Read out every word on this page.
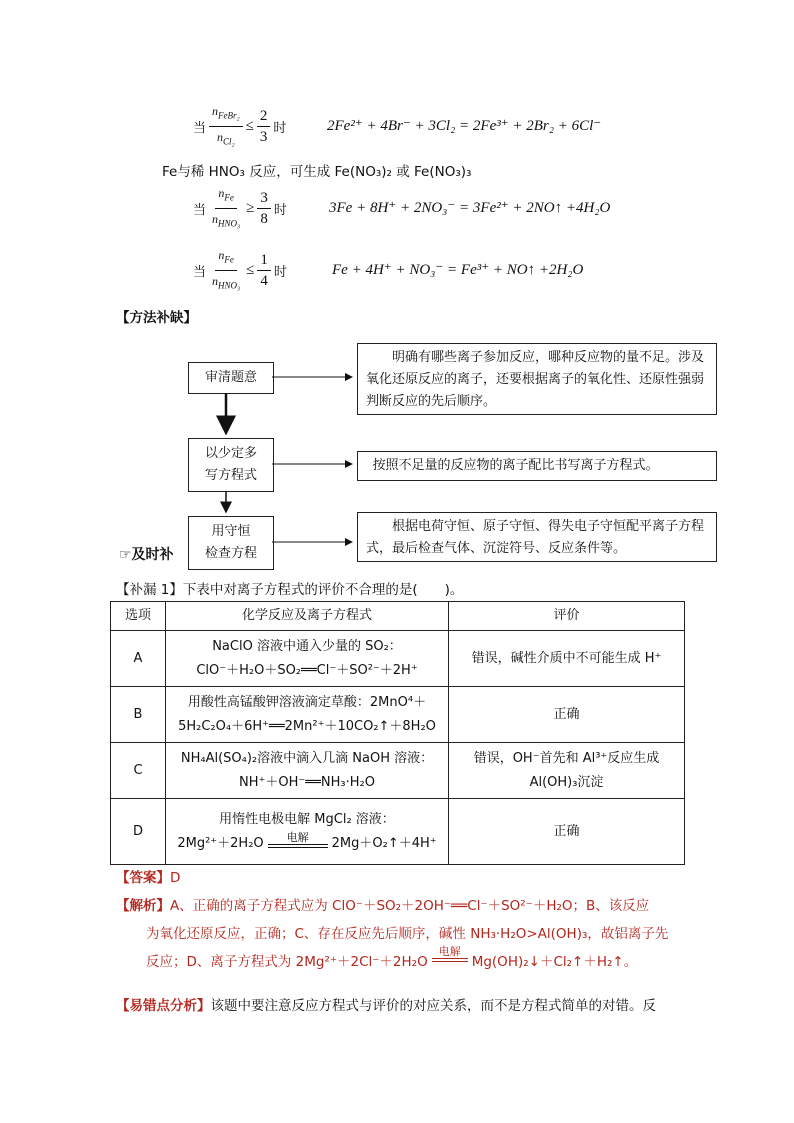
当 $\frac{n_{FeBr_2}}{n_{Cl_2}} \le \frac{2}{3}$ 时	2Fe²⁺ + 4Br⁻ + 3Cl₂ = 2Fe³⁺ + 2Br₂ + 6Cl⁻
Fe与稀 HNO₃ 反应，可生成 Fe(NO₃)₂ 或 Fe(NO₃)₃
当 $\frac{n_{Fe}}{n_{HNO_3}} \ge \frac{3}{8}$ 时	3Fe + 8H⁺ + 2NO₃⁻ = 3Fe²⁺ + 2NO↑ +4H₂O
当 $\frac{n_{Fe}}{n_{HNO_3}} \le \frac{1}{4}$ 时	Fe + 4H⁺ + NO₃⁻ = Fe³⁺ + NO↑ +2H₂O
【方法补缺】
审清题意
以少定多
写方程式
用守恒
检查方程
明确有哪些离子参加反应，哪种反应物的量不足。涉及氧化还原反应的离子，还要根据离子的氧化性、还原性强弱判断反应的先后顺序。
按照不足量的反应物的离子配比书写离子方程式。
根据电荷守恒、原子守恒、得失电子守恒配平离子方程式，最后检查气体、沉淀符号、反应条件等。
☞及时补
【补漏 1】下表中对离子方程式的评价不合理的是(　　)。
选项	化学反应及离子方程式	评价
A	NaClO 溶液中通入少量的 SO₂：
ClO⁻＋H₂O＋SO₂══Cl⁻＋SO²⁻＋2H⁺	错误，碱性介质中不可能生成 H⁺
B	用酸性高锰酸钾溶液滴定草酸：2MnO⁴＋
5H₂C₂O₄＋6H⁺══2Mn²⁺＋10CO₂↑＋8H₂O	正确
C	NH₄Al(SO₄)₂溶液中滴入几滴 NaOH 溶液：
NH⁺＋OH⁻══NH₃·H₂O	错误，OH⁻首先和 Al³⁺反应生成 Al(OH)₃沉淀
D	用惰性电极电解 MgCl₂ 溶液：
2Mg²⁺＋2H₂O 电解 2Mg＋O₂↑＋4H⁺	正确
【答案】D
【解析】A、正确的离子方程式应为 ClO⁻＋SO₂＋2OH⁻══Cl⁻＋SO²⁻＋H₂O；B、该反应
为氧化还原反应，正确；C、存在反应先后顺序，碱性 NH₃·H₂O>Al(OH)₃，故铝离子先
反应；D、离子方程式为 2Mg²⁺＋2Cl⁻＋2H₂O
电解
Mg(OH)₂↓＋Cl₂↑＋H₂↑。
【易错点分析】该题中要注意反应方程式与评价的对应关系，而不是方程式简单的对错。反
